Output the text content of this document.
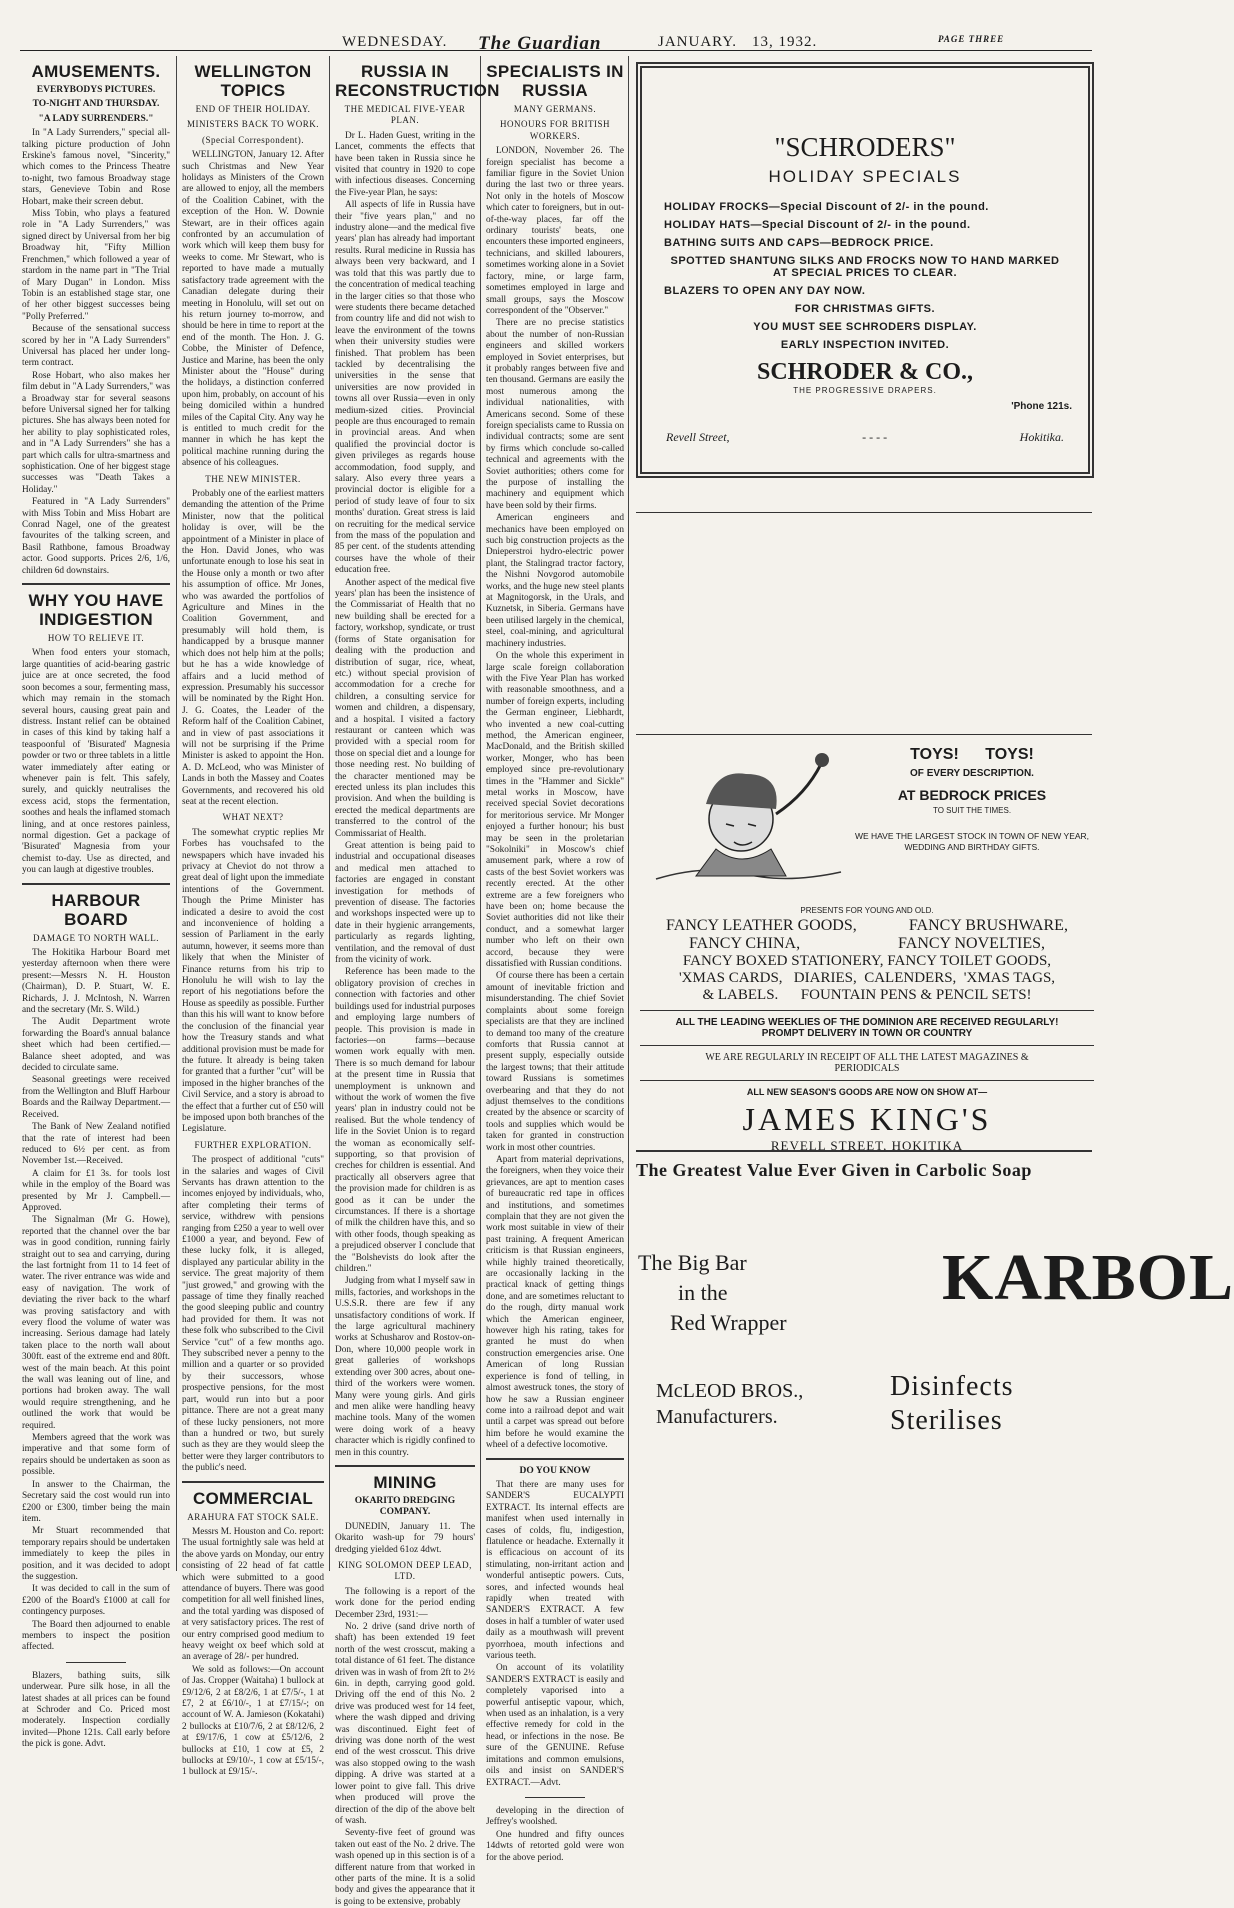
WEDNESDAY. The Guardian	JANUARY. 13, 1932.	PAGE THREE
AMUSEMENTS.
EVERYBODYS PICTURES.
TO-NIGHT AND THURSDAY.
"A LADY SURRENDERS."

In "A Lady Surrenders," special all-talking picture production of John Erskine's famous novel, "Sincerity," which comes to the Princess Theatre to-night, two famous Broadway stage stars, Genevieve Tobin and Rose Hobart, make their screen debut.

Miss Tobin, who plays a featured role in "A Lady Surrenders," was signed direct by Universal from her big Broadway hit, "Fifty Million Frenchmen," which followed a year of stardom in the name part in "The Trial of Mary Dugan" in London. Miss Tobin is an established stage star, one of her other biggest successes being "Polly Preferred."

Because of the sensational success scored by her in "A Lady Surrenders" Universal has placed her under long-term contract.

Rose Hobart, who also makes her film debut in "A Lady Surrenders," was a Broadway star for several seasons before Universal signed her for talking pictures. She has always been noted for her ability to play sophisticated roles, and in "A Lady Surrenders" she has a part which calls for ultra-smartness and sophistication. One of her biggest stage successes was "Death Takes a Holiday."

Featured in "A Lady Surrenders" with Miss Tobin and Miss Hobart are Conrad Nagel, one of the greatest favourites of the talking screen, and Basil Rathbone, famous Broadway actor. Good supports. Prices 2/6, 1/6, children 6d downstairs.

WHY YOU HAVE INDIGESTION
HOW TO RELIEVE IT.

When food enters your stomach, large quantities of acid-bearing gastric juice are at once secreted, the food soon becomes a sour, fermenting mass, which may remain in the stomach several hours, causing great pain and distress. Instant relief can be obtained in cases of this kind by taking half a teaspoonful of 'Bisurated' Magnesia powder or two or three tablets in a little water immediately after eating or whenever pain is felt. This safely, surely, and quickly neutralises the excess acid, stops the fermentation, soothes and heals the inflamed stomach lining, and at once restores painless, normal digestion. Get a package of 'Bisurated' Magnesia from your chemist to-day. Use as directed, and you can laugh at digestive troubles.

HARBOUR BOARD
DAMAGE TO NORTH WALL.

The Hokitika Harbour Board met yesterday afternoon when there were present:—Messrs N. H. Houston (Chairman), D. P. Stuart, W. E. Richards, J. J. McIntosh, N. Warren and the secretary (Mr. S. Wild.)

The Audit Department wrote forwarding the Board's annual balance sheet which had been certified.—Balance sheet adopted, and was decided to circulate same.

Seasonal greetings were received from the Wellington and Bluff Harbour Boards and the Railway Department.—Received.

The Bank of New Zealand notified that the rate of interest had been reduced to 6½ per cent. as from November 1st.—Received.

A claim for £1 3s. for tools lost while in the employ of the Board was presented by Mr J. Campbell.—Approved.

The Signalman (Mr G. Howe), reported that the channel over the bar was in good condition, running fairly straight out to sea and carrying, during the last fortnight from 11 to 14 feet of water. The river entrance was wide and easy of navigation. The work of deviating the river back to the wharf was proving satisfactory and with every flood the volume of water was increasing. Serious damage had lately taken place to the north wall about 300ft. east of the extreme end and 80ft. west of the main beach. At this point the wall was leaning out of line, and portions had broken away. The wall would require strengthening, and he outlined the work that would be required.

Members agreed that the work was imperative and that some form of repairs should be undertaken as soon as possible.

In answer to the Chairman, the Secretary said the cost would run into £200 or £300, timber being the main item.

Mr Stuart recommended that temporary repairs should be undertaken immediately to keep the piles in position, and it was decided to adopt the suggestion.

It was decided to call in the sum of £200 of the Board's £1000 at call for contingency purposes.

The Board then adjourned to enable members to inspect the position affected.

Blazers, bathing suits, silk underwear. Pure silk hose, in all the latest shades at all prices can be found at Schroder and Co. Priced most moderately. Inspection cordially invited—Phone 121s. Call early before the pick is gone. Advt.

WELLINGTON TOPICS
END OF THEIR HOLIDAY.
MINISTERS BACK TO WORK.
(Special Correspondent).

WELLINGTON, January 12. After such Christmas and New Year holidays as Ministers of the Crown are allowed to enjoy, all the members of the Coalition Cabinet, with the exception of the Hon. W. Downie Stewart, are in their offices again confronted by an accumulation of work which will keep them busy for weeks to come. Mr Stewart, who is reported to have made a mutually satisfactory trade agreement with the Canadian delegate during their meeting in Honolulu, will set out on his return journey to-morrow, and should be here in time to report at the end of the month. The Hon. J. G. Cobbe, the Minister of Defence, Justice and Marine, has been the only Minister about the "House" during the holidays, a distinction conferred upon him, probably, on account of his being domiciled within a hundred miles of the Capital City. Any way he is entitled to much credit for the manner in which he has kept the political machine running during the absence of his colleagues.

THE NEW MINISTER.

Probably one of the earliest matters demanding the attention of the Prime Minister, now that the political holiday is over, will be the appointment of a Minister in place of the Hon. David Jones, who was unfortunate enough to lose his seat in the House only a month or two after his assumption of office. Mr Jones, who was awarded the portfolios of Agriculture and Mines in the Coalition Government, and presumably will hold them, is handicapped by a brusque manner which does not help him at the polls; but he has a wide knowledge of affairs and a lucid method of expression. Presumably his successor will be nominated by the Right Hon. J. G. Coates, the Leader of the Reform half of the Coalition Cabinet, and in view of past associations it will not be surprising if the Prime Minister is asked to appoint the Hon. A. D. McLeod, who was Minister of Lands in both the Massey and Coates Governments, and recovered his old seat at the recent election.

WHAT NEXT?

The somewhat cryptic replies Mr Forbes has vouchsafed to the newspapers which have invaded his privacy at Cheviot do not throw a great deal of light upon the immediate intentions of the Government. Though the Prime Minister has indicated a desire to avoid the cost and inconvenience of holding a session of Parliament in the early autumn, however, it seems more than likely that when the Minister of Finance returns from his trip to Honolulu he will wish to lay the report of his negotiations before the House as speedily as possible. Further than this his will want to know before the conclusion of the financial year how the Treasury stands and what additional provision must be made for the future. It already is being taken for granted that a further "cut" will be imposed in the higher branches of the Civil Service, and a story is abroad to the effect that a further cut of £50 will be imposed upon both branches of the Legislature.

FURTHER EXPLORATION.

The prospect of additional "cuts" in the salaries and wages of Civil Servants has drawn attention to the incomes enjoyed by individuals, who, after completing their terms of service, withdrew with pensions ranging from £250 a year to well over £1000 a year, and beyond. Few of these lucky folk, it is alleged, displayed any particular ability in the service. The great majority of them "just growed," and growing with the passage of time they finally reached the good sleeping public and country had provided for them. It was not these folk who subscribed to the Civil Service "cut" of a few months ago. They subscribed never a penny to the million and a quarter or so provided by their successors, whose prospective pensions, for the most part, would run into but a poor pittance. There are not a great many of these lucky pensioners, not more than a hundred or two, but surely such as they are they would sleep the better were they larger contributors to the public's need.

COMMERCIAL
ARAHURA FAT STOCK SALE.

Messrs M. Houston and Co. report: The usual fortnightly sale was held at the above yards on Monday, our entry consisting of 22 head of fat cattle which were submitted to a good attendance of buyers. There was good competition for all well finished lines, and the total yarding was disposed of at very satisfactory prices. The rest of our entry comprised good medium to heavy weight ox beef which sold at an average of 28/- per hundred.

We sold as follows:—On account of Jas. Cropper (Waitaha) 1 bullock at £9/12/6, 2 at £8/2/6, 1 at £7/5/-, 1 at £7, 2 at £6/10/-, 1 at £7/15/-; on account of W. A. Jamieson (Kokatahi) 2 bullocks at £10/7/6, 2 at £8/12/6, 2 at £9/17/6, 1 cow at £5/12/6, 2 bullocks at £10, 1 cow at £5, 2 bullocks at £9/10/-, 1 cow at £5/15/-, 1 bullock at £9/15/-.

RUSSIA IN RECONSTRUCTION
THE MEDICAL FIVE-YEAR PLAN.

Dr L. Haden Guest, writing in the Lancet, comments the effects that have been taken in Russia since he visited that country in 1920 to cope with infectious diseases. Concerning the Five-year Plan, he says:

All aspects of life in Russia have their "five years plan," and no industry alone—and the medical five years' plan has already had important results. Rural medicine in Russia has always been very backward, and I was told that this was partly due to the concentration of medical teaching in the larger cities so that those who were students there became detached from country life and did not wish to leave the environment of the towns when their university studies were finished. That problem has been tackled by decentralising the universities in the sense that universities are now provided in towns all over Russia—even in only medium-sized cities. Provincial people are thus encouraged to remain in provincial areas. And when qualified the provincial doctor is given privileges as regards house accommodation, food supply, and salary. Also every three years a provincial doctor is eligible for a period of study leave of four to six months' duration. Great stress is laid on recruiting for the medical service from the mass of the population and 85 per cent. of the students attending courses have the whole of their education free.

Another aspect of the medical five years' plan has been the insistence of the Commissariat of Health that no new building shall be erected for a factory, workshop, syndicate, or trust (forms of State organisation for dealing with the production and distribution of sugar, rice, wheat, etc.) without special provision of accommodation for a creche for children, a consulting service for women and children, a dispensary, and a hospital. I visited a factory restaurant or canteen which was provided with a special room for those on special diet and a lounge for those needing rest. No building of the character mentioned may be erected unless its plan includes this provision. And when the building is erected the medical departments are transferred to the control of the Commissariat of Health.

Great attention is being paid to industrial and occupational diseases and medical men attached to factories are engaged in constant investigation for methods of prevention of disease. The factories and workshops inspected were up to date in their hygienic arrangements, particularly as regards lighting, ventilation, and the removal of dust from the vicinity of work.

Reference has been made to the obligatory provision of creches in connection with factories and other buildings used for industrial purposes and employing large numbers of people. This provision is made in factories—on farms—because women work equally with men. There is so much demand for labour at the present time in Russia that unemployment is unknown and without the work of women the five years' plan in industry could not be realised. But the whole tendency of life in the Soviet Union is to regard the woman as economically self-supporting, so that provision of creches for children is essential. And practically all observers agree that the provision made for children is as good as it can be under the circumstances. If there is a shortage of milk the children have this, and so with other foods, though speaking as a prejudiced observer I conclude that the "Bolshevists do look after the children."

Judging from what I myself saw in mills, factories, and workshops in the U.S.S.R. there are few if any unsatisfactory conditions of work. If the large agricultural machinery works at Schusharov and Rostov-on-Don, where 10,000 people work in great galleries of workshops extending over 300 acres, about one-third of the workers were women. Many were young girls. And girls and men alike were handling heavy machine tools. Many of the women were doing work of a heavy character which is rigidly confined to men in this country.

MINING
OKARITO DREDGING COMPANY.

DUNEDIN, January 11. The Okarito wash-up for 79 hours' dredging yielded 61oz 4dwt.

KING SOLOMON DEEP LEAD, LTD.

The following is a report of the work done for the period ending December 23rd, 1931:—

No. 2 drive (sand drive north of shaft) has been extended 19 feet north of the west crosscut, making a total distance of 61 feet. The distance driven was in wash of from 2ft to 2½ 6in. in depth, carrying good gold. Driving off the end of this No. 2 drive was produced west for 14 feet, where the wash dipped and driving was discontinued. Eight feet of driving was done north of the west end of the west crosscut. This drive was also stopped owing to the wash dipping. A drive was started at a lower point to give fall. This drive when produced will prove the direction of the dip of the above belt of wash.

Seventy-five feet of ground was taken out east of the No. 2 drive. The wash opened up in this section is of a different nature from that worked in other parts of the mine. It is a solid body and gives the appearance that it is going to be extensive, probably

SPECIALISTS IN RUSSIA
MANY GERMANS.
HONOURS FOR BRITISH WORKERS.

LONDON, November 26. The foreign specialist has become a familiar figure in the Soviet Union during the last two or three years. Not only in the hotels of Moscow which cater to foreigners, but in out-of-the-way places, far off the ordinary tourists' beats, one encounters these imported engineers, technicians, and skilled labourers, sometimes working alone in a Soviet factory, mine, or large farm, sometimes employed in large and small groups, says the Moscow correspondent of the "Observer."

There are no precise statistics about the number of non-Russian engineers and skilled workers employed in Soviet enterprises, but it probably ranges between five and ten thousand. Germans are easily the most numerous among the individual nationalities, with Americans second. Some of these foreign specialists came to Russia on individual contracts; some are sent by firms which conclude so-called technical and agreements with the Soviet authorities; others come for the purpose of installing the machinery and equipment which have been sold by their firms.

American engineers and mechanics have been employed on such big construction projects as the Dnieperstroi hydro-electric power plant, the Stalingrad tractor factory, the Nishni Novgorod automobile works, and the huge new steel plants at Magnitogorsk, in the Urals, and Kuznetsk, in Siberia. Germans have been utilised largely in the chemical, steel, coal-mining, and agricultural machinery industries.

On the whole this experiment in large scale foreign collaboration with the Five Year Plan has worked with reasonable smoothness, and a number of foreign experts, including the German engineer, Liebhardt, who invented a new coal-cutting method, the American engineer, MacDonald, and the British skilled worker, Monger, who has been employed since pre-revolutionary times in the "Hammer and Sickle" metal works in Moscow, have received special Soviet decorations for meritorious service. Mr Monger enjoyed a further honour; his bust may be seen in the proletarian "Sokolniki" in Moscow's chief amusement park, where a row of casts of the best Soviet workers was recently erected. At the other extreme are a few foreigners who have been on; home because the Soviet authorities did not like their conduct, and a somewhat larger number who left on their own accord, because they were dissatisfied with Russian conditions.

Of course there has been a certain amount of inevitable friction and misunderstanding. The chief Soviet complaints about some foreign specialists are that they are inclined to demand too many of the creature comforts that Russia cannot at present supply, especially outside the largest towns; that their attitude toward Russians is sometimes overbearing and that they do not adjust themselves to the conditions created by the absence or scarcity of tools and supplies which would be taken for granted in construction work in most other countries.

Apart from material deprivations, the foreigners, when they voice their grievances, are apt to mention cases of bureaucratic red tape in offices and institutions, and sometimes complain that they are not given the work most suitable in view of their past training. A frequent American criticism is that Russian engineers, while highly trained theoretically, are occasionally lacking in the practical knack of getting things done, and are sometimes reluctant to do the rough, dirty manual work which the American engineer, however high his rating, takes for granted he must do when construction emergencies arise. One American of long Russian experience is fond of telling, in almost awestruck tones, the story of how he saw a Russian engineer come into a railroad depot and wait until a carpet was spread out before him before he would examine the wheel of a defective locomotive.

DO YOU KNOW

That there are many uses for SANDER'S EUCALYPTI EXTRACT. Its internal effects are manifest when used internally in cases of colds, flu, indigestion, flatulence or headache. Externally it is efficacious on account of its stimulating, non-irritant action and wonderful antiseptic powers. Cuts, sores, and infected wounds heal rapidly when treated with SANDER'S EXTRACT. A few doses in half a tumbler of water used daily as a mouthwash will prevent pyorrhoea, mouth infections and various teeth.

On account of its volatility SANDER'S EXTRACT is easily and completely vaporised into a powerful antiseptic vapour, which, when used as an inhalation, is a very effective remedy for cold in the head, or infections in the nose. Be sure of the GENUINE. Refuse imitations and common emulsions, oils and insist on SANDER'S EXTRACT.—Advt.

developing in the direction of Jeffrey's woolshed.

One hundred and fifty ounces 14dwts of retorted gold were won for the above period.

"SCHRODERS"
HOLIDAY SPECIALS
HOLIDAY FROCKS—Special Discount of 2/- in the pound.
HOLIDAY HATS—Special Discount of 2/- in the pound.
BATHING SUITS AND CAPS—BEDROCK PRICE.
SPOTTED SHANTUNG SILKS AND FROCKS NOW TO HAND MARKED AT SPECIAL PRICES TO CLEAR.
BLAZERS TO OPEN ANY DAY NOW.
FOR CHRISTMAS GIFTS.
YOU MUST SEE SCHRODERS DISPLAY.
EARLY INSPECTION INVITED.
SCHRODER & CO.,
THE PROGRESSIVE DRAPERS.
'Phone 121s.
Revell Street,	- - - -	Hokitika.
TOYS! TOYS!
OF EVERY DESCRIPTION.
AT BEDROCK PRICES
TO SUIT THE TIMES.
WE HAVE THE LARGEST STOCK IN TOWN OF NEW YEAR, WEDDING AND BIRTHDAY GIFTS.
PRESENTS FOR YOUNG AND OLD.
FANCY LEATHER GOODS,	FANCY BRUSHWARE,
FANCY CHINA,	FANCY NOVELTIES,
FANCY BOXED STATIONERY, FANCY TOILET GOODS,
'XMAS CARDS,   DIARIES,  CALENDERS,  'XMAS TAGS,
& LABELS.      FOUNTAIN PENS & PENCIL SETS!
ALL THE LEADING WEEKLIES OF THE DOMINION ARE RECEIVED REGULARLY!
PROMPT DELIVERY IN TOWN OR COUNTRY
WE ARE REGULARLY IN RECEIPT OF ALL THE LATEST MAGAZINES & PERIODICALS
ALL NEW SEASON'S GOODS ARE NOW ON SHOW AT—
JAMES KING'S
REVELL STREET, HOKITIKA
The Greatest Value Ever Given in Carbolic Soap
The Big Bar
in the
Red Wrapper
KARBOL
McLEOD BROS.,
Manufacturers.
Disinfects
Sterilises
